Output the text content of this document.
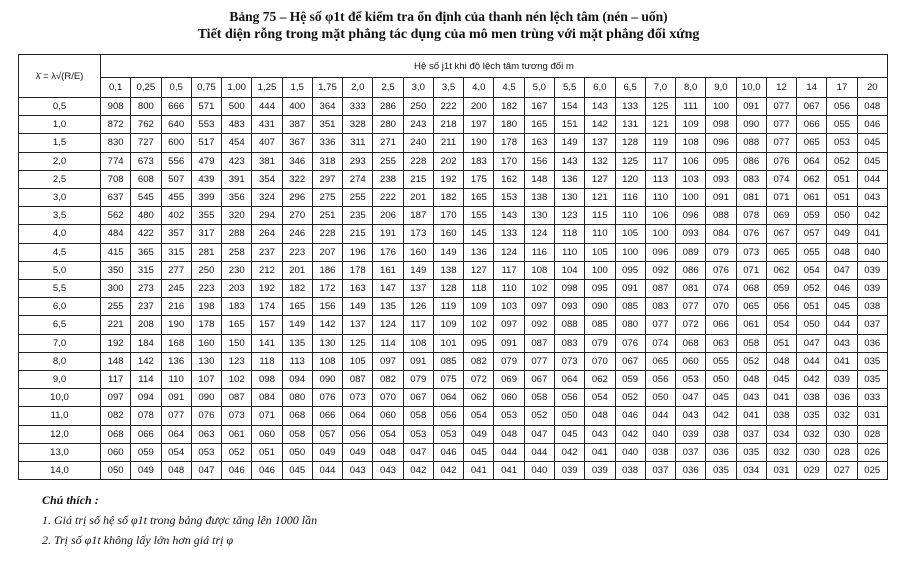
Bảng 75 – Hệ số φ1t để kiểm tra ổn định của thanh nén lệch tâm (nén – uốn)
Tiết diện rỗng trong mặt phẳng tác dụng của mô men trùng với mặt phẳng đối xứng
λ̄ = λ√(R/E)	Hệ số j1t khi độ lệch tâm tương đối m																									
	0,1	0,25	0,5	0,75	1,00	1,25	1,5	1,75	2,0	2,5	3,0	3,5	4,0	4,5	5,0	5,5	6,0	6,5	7,0	8,0	9,0	10,0	12	14	17	20
0,5	908	800	666	571	500	444	400	364	333	286	250	222	200	182	167	154	143	133	125	111	100	091	077	067	056	048
1,0	872	762	640	553	483	431	387	351	328	280	243	218	197	180	165	151	142	131	121	109	098	090	077	066	055	046
1,5	830	727	600	517	454	407	367	336	311	271	240	211	190	178	163	149	137	128	119	108	096	088	077	065	053	045
2,0	774	673	556	479	423	381	346	318	293	255	228	202	183	170	156	143	132	125	117	106	095	086	076	064	052	045
2,5	708	608	507	439	391	354	322	297	274	238	215	192	175	162	148	136	127	120	113	103	093	083	074	062	051	044
3,0	637	545	455	399	356	324	296	275	255	222	201	182	165	153	138	130	121	116	110	100	091	081	071	061	051	043
3,5	562	480	402	355	320	294	270	251	235	206	187	170	155	143	130	123	115	110	106	096	088	078	069	059	050	042
4,0	484	422	357	317	288	264	246	228	215	191	173	160	145	133	124	118	110	105	100	093	084	076	067	057	049	041
4,5	415	365	315	281	258	237	223	207	196	176	160	149	136	124	116	110	105	100	096	089	079	073	065	055	048	040
5,0	350	315	277	250	230	212	201	186	178	161	149	138	127	117	108	104	100	095	092	086	076	071	062	054	047	039
5,5	300	273	245	223	203	192	182	172	163	147	137	128	118	110	102	098	095	091	087	081	074	068	059	052	046	039
6,0	255	237	216	198	183	174	165	156	149	135	126	119	109	103	097	093	090	085	083	077	070	065	056	051	045	038
6,5	221	208	190	178	165	157	149	142	137	124	117	109	102	097	092	088	085	080	077	072	066	061	054	050	044	037
7,0	192	184	168	160	150	141	135	130	125	114	108	101	095	091	087	083	079	076	074	068	063	058	051	047	043	036
8,0	148	142	136	130	123	118	113	108	105	097	091	085	082	079	077	073	070	067	065	060	055	052	048	044	041	035
9,0	117	114	110	107	102	098	094	090	087	082	079	075	072	069	067	064	062	059	056	053	050	048	045	042	039	035
10,0	097	094	091	090	087	084	080	076	073	070	067	064	062	060	058	056	054	052	050	047	045	043	041	038	036	033
11,0	082	078	077	076	073	071	068	066	064	060	058	056	054	053	052	050	048	046	044	043	042	041	038	035	032	031
12,0	068	066	064	063	061	060	058	057	056	054	053	053	049	048	047	045	043	042	040	039	038	037	034	032	030	028
13,0	060	059	054	053	052	051	050	049	049	048	047	046	045	044	044	042	041	040	038	037	036	035	032	030	028	026
14,0	050	049	048	047	046	046	045	044	043	043	042	042	041	041	040	039	039	038	037	036	035	034	031	029	027	025
Chú thích :
1. Giá trị số hệ số φ1t trong bảng được tăng lên 1000 lần
2. Trị số φ1t không lấy lớn hơn giá trị φ
